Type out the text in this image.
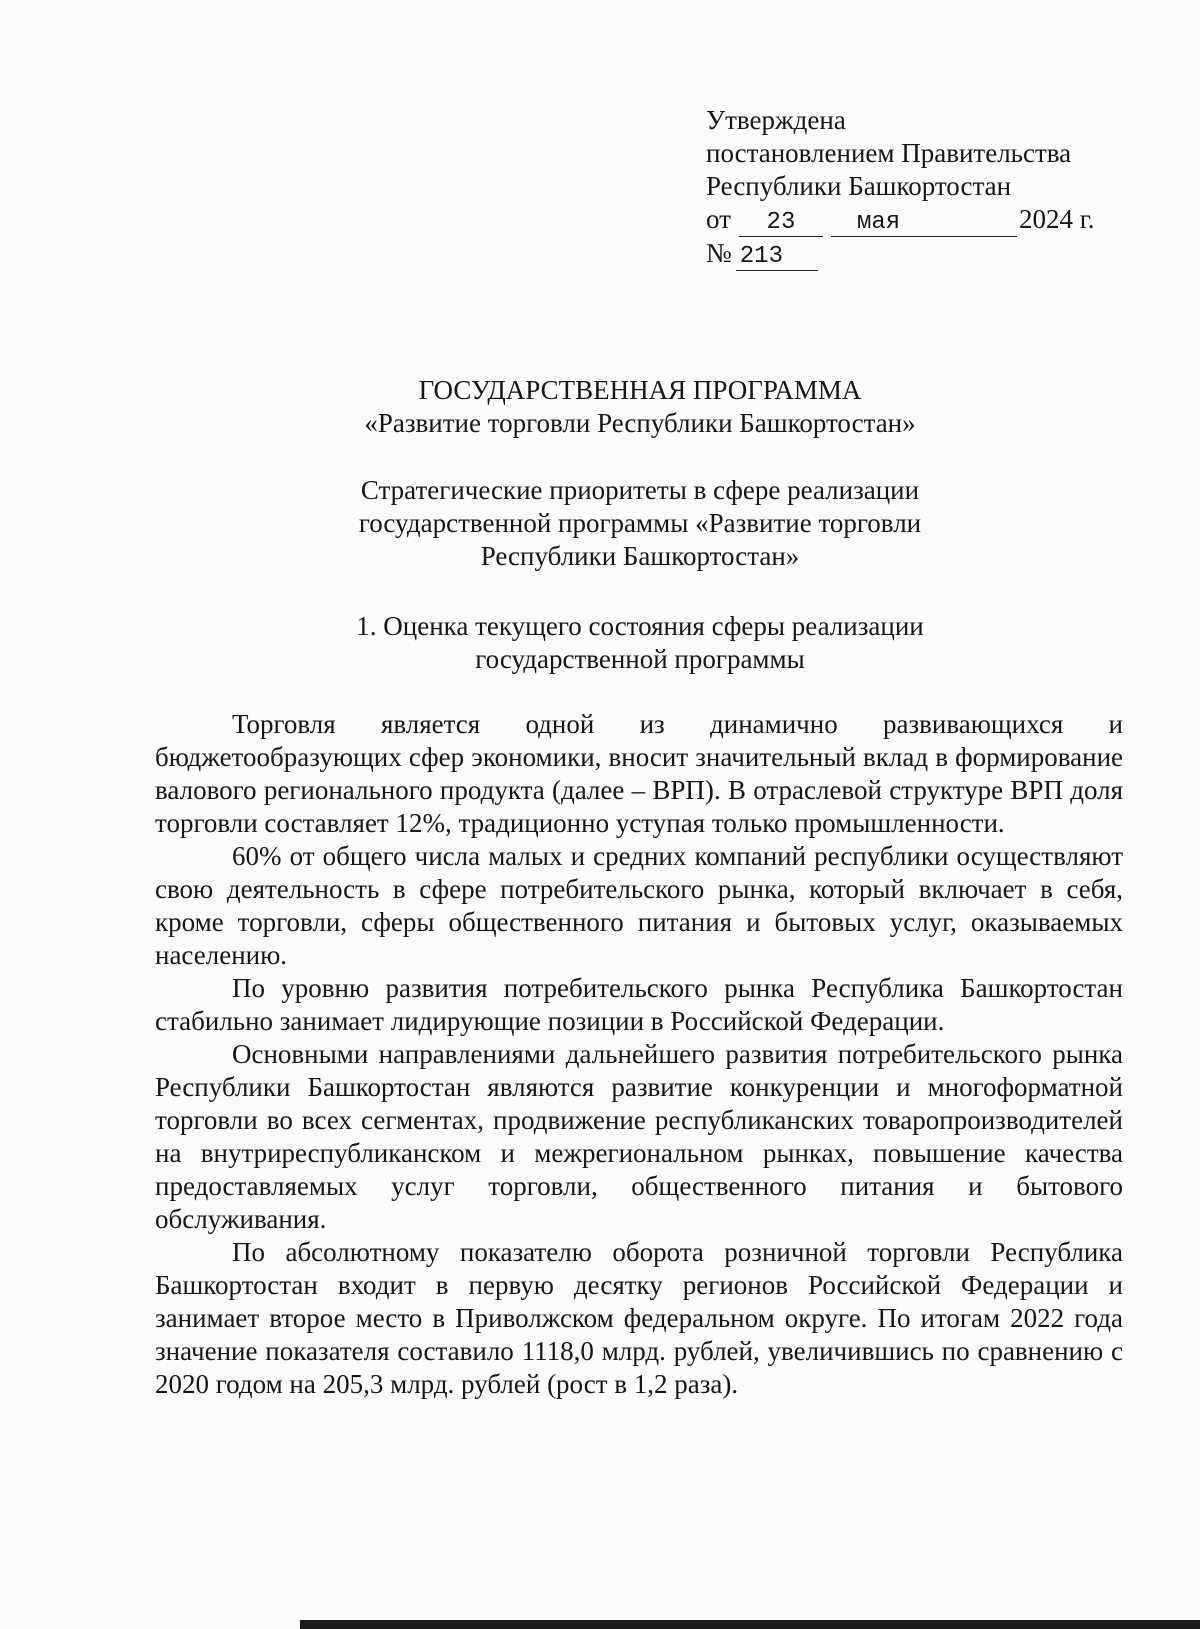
Утверждена
постановлением Правительства
Республики Башкортостан
от 23	мая	2024 г.
№ 213
ГОСУДАРСТВЕННАЯ ПРОГРАММА
«Развитие торговли Республики Башкортостан»
Стратегические приоритеты в сфере реализации
государственной программы «Развитие торговли
Республики Башкортостан»
1. Оценка текущего состояния сферы реализации
государственной программы

Торговля является одной из динамично развивающихся и бюджетообразующих сфер экономики, вносит значительный вклад в формирование валового регионального продукта (далее – ВРП). В отраслевой структуре ВРП доля торговли составляет 12%, традиционно уступая только промышленности.

60% от общего числа малых и средних компаний республики осуществляют свою деятельность в сфере потребительского рынка, который включает в себя, кроме торговли, сферы общественного питания и бытовых услуг, оказываемых населению.

По уровню развития потребительского рынка Республика Башкортостан стабильно занимает лидирующие позиции в Российской Федерации.

Основными направлениями дальнейшего развития потребительского рынка Республики Башкортостан являются развитие конкуренции и многоформатной торговли во всех сегментах, продвижение республиканских товаропроизводителей на внутриреспубликанском и межрегиональном рынках, повышение качества предоставляемых услуг торговли, общественного питания и бытового обслуживания.

По абсолютному показателю оборота розничной торговли Республика Башкортостан входит в первую десятку регионов Российской Федерации и занимает второе место в Приволжском федеральном округе. По итогам 2022 года значение показателя составило 1118,0 млрд. рублей, увеличившись по сравнению с 2020 годом на 205,3 млрд. рублей (рост в 1,2 раза).
